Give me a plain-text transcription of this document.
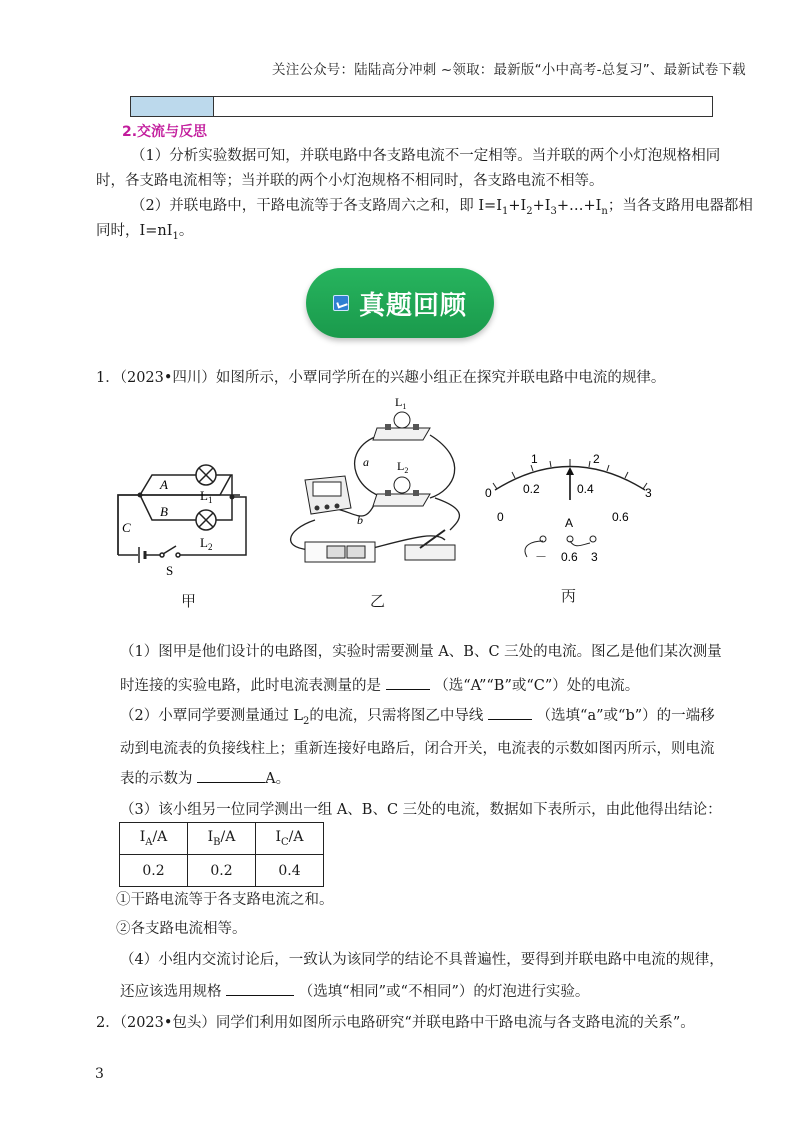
关注公众号：陆陆高分冲刺 ~领取：最新版“小中高考-总复习”、最新试卷下载
2.交流与反思
（1）分析实验数据可知，并联电路中各支路电流不一定相等。当并联的两个小灯泡规格相同
时，各支路电流相等；当并联的两个小灯泡规格不相同时，各支路电流不相等。
（2）并联电路中，干路电流等于各支路周六之和，即 $I=I_1+I_2+I_3+\dots+I_n$；当各支路用电器都相
同时，$I=nI_1$。
真题回顾
1．（2023•四川）如图所示，小覃同学所在的兴趣小组正在探究并联电路中电流的规律。
A
B
C
$L_1$
$L_2$
S
甲
$L_1$
$L_2$
a
b
乙
0
1	2
3
0.2	0.4
0	0.6
A
－ 0.6 3
丙
（1）图甲是他们设计的电路图，实验时需要测量 A、B、C 三处的电流。图乙是他们某次测量
时连接的实验电路，此时电流表测量的是	（选“A”“B”或“C”）处的电流。
（2）小覃同学要测量通过 $L_2$的电流，只需将图乙中导线	（选填“a”或“b”）的一端移
动到电流表的负接线柱上；重新连接好电路后，闭合开关，电流表的示数如图丙所示，则电流
表的示数为	A。
（3）该小组另一位同学测出一组 A、B、C 三处的电流，数据如下表所示，由此他得出结论：
$I_A/A$	$I_B/A$	$I_C/A$
0.2	0.2	0.4
①干路电流等于各支路电流之和。
②各支路电流相等。
（4）小组内交流讨论后，一致认为该同学的结论不具普遍性，要得到并联电路中电流的规律，
还应该选用规格	（选填“相同”或“不相同”）的灯泡进行实验。
2．（2023•包头）同学们利用如图所示电路研究“并联电路中干路电流与各支路电流的关系”。
3
